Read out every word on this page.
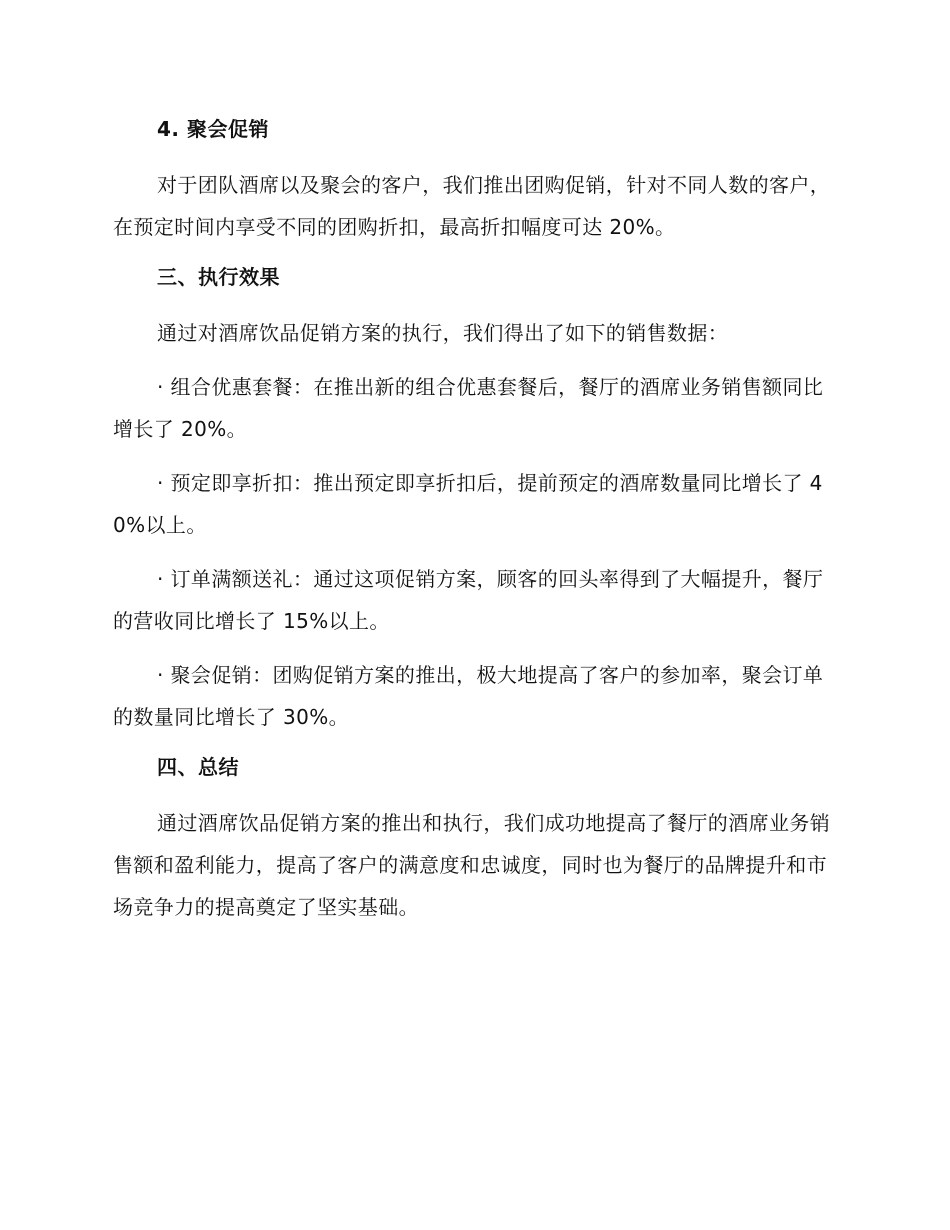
4. 聚会促销

对于团队酒席以及聚会的客户，我们推出团购促销，针对不同人数的客户，在预定时间内享受不同的团购折扣，最高折扣幅度可达 20%。

三、执行效果

通过对酒席饮品促销方案的执行，我们得出了如下的销售数据：

· 组合优惠套餐：在推出新的组合优惠套餐后，餐厅的酒席业务销售额同比增长了 20%。

· 预定即享折扣：推出预定即享折扣后，提前预定的酒席数量同比增长了 40%以上。

· 订单满额送礼：通过这项促销方案，顾客的回头率得到了大幅提升，餐厅的营收同比增长了 15%以上。

· 聚会促销：团购促销方案的推出，极大地提高了客户的参加率，聚会订单的数量同比增长了 30%。

四、总结

通过酒席饮品促销方案的推出和执行，我们成功地提高了餐厅的酒席业务销售额和盈利能力，提高了客户的满意度和忠诚度，同时也为餐厅的品牌提升和市场竞争力的提高奠定了坚实基础。
